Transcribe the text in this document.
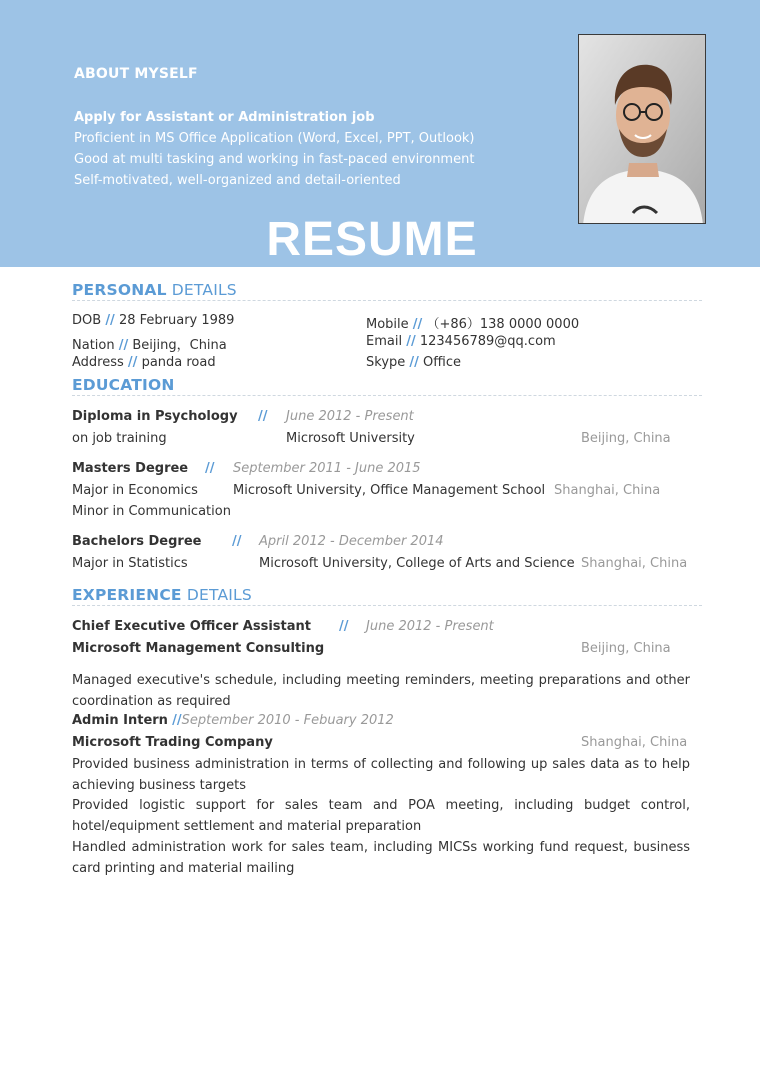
ABOUT MYSELF
Apply for Assistant or Administration job
Proficient in MS Office Application (Word, Excel, PPT, Outlook)
Good at multi tasking and working in fast-paced environment
Self-motivated, well-organized and detail-oriented
RESUME
PERSONAL DETAILS
DOB // 28 February 1989
Nation // Beijing，China
Address // panda road
Mobile // （+86）138 0000 0000
Email // 123456789@qq.com
Skype // Office
EDUCATION
Diploma in Psychology // June 2012 - Present
on job training	Microsoft University	Beijing, China
Masters Degree // September 2011 - June 2015
Major in Economics	Microsoft University, Office Management School Shanghai, China
Minor in Communication
Bachelors Degree // April 2012 - December 2014
Major in Statistics	Microsoft University, College of Arts and Science Shanghai, China
EXPERIENCE DETAILS
Chief Executive Officer Assistant // June 2012 - Present
Microsoft Management Consulting	Beijing, China
Managed executive's schedule, including meeting reminders, meeting preparations and other coordination as required
Admin Intern //September 2010 - Febuary 2012
Microsoft Trading Company	Shanghai, China
Provided business administration in terms of collecting and following up sales data as to help achieving business targets
Provided logistic support for sales team and POA meeting, including budget control, hotel/equipment settlement and material preparation
Handled administration work for sales team, including MICSs working fund request, business card printing and material mailing
